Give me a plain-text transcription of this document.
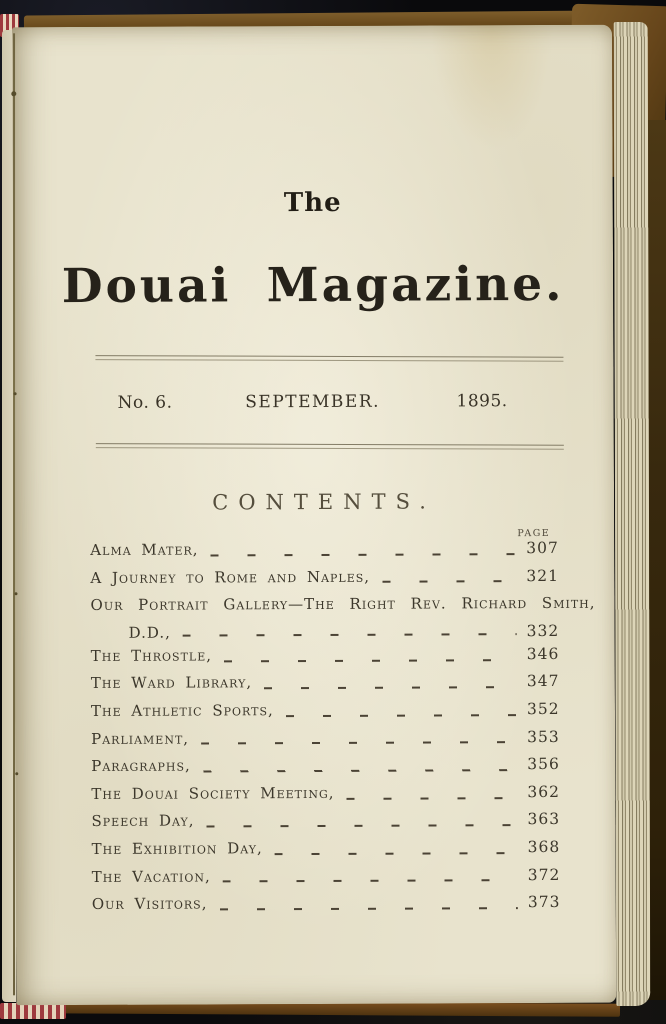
The
Douai Magazine.
No. 6.	SEPTEMBER.	1895.
CONTENTS.
PAGE
Alma Mater,	307
A Journey to Rome and Naples,	321
Our Portrait Gallery—The Right Rev. Richard Smith,
D.D.,	332
The Throstle,	346
The Ward Library,	347
The Athletic Sports,	352
Parliament,	353
Paragraphs,	356
The Douai Society Meeting,	362
Speech Day,	363
The Exhibition Day,	368
The Vacation,	372
Our Visitors,	373
